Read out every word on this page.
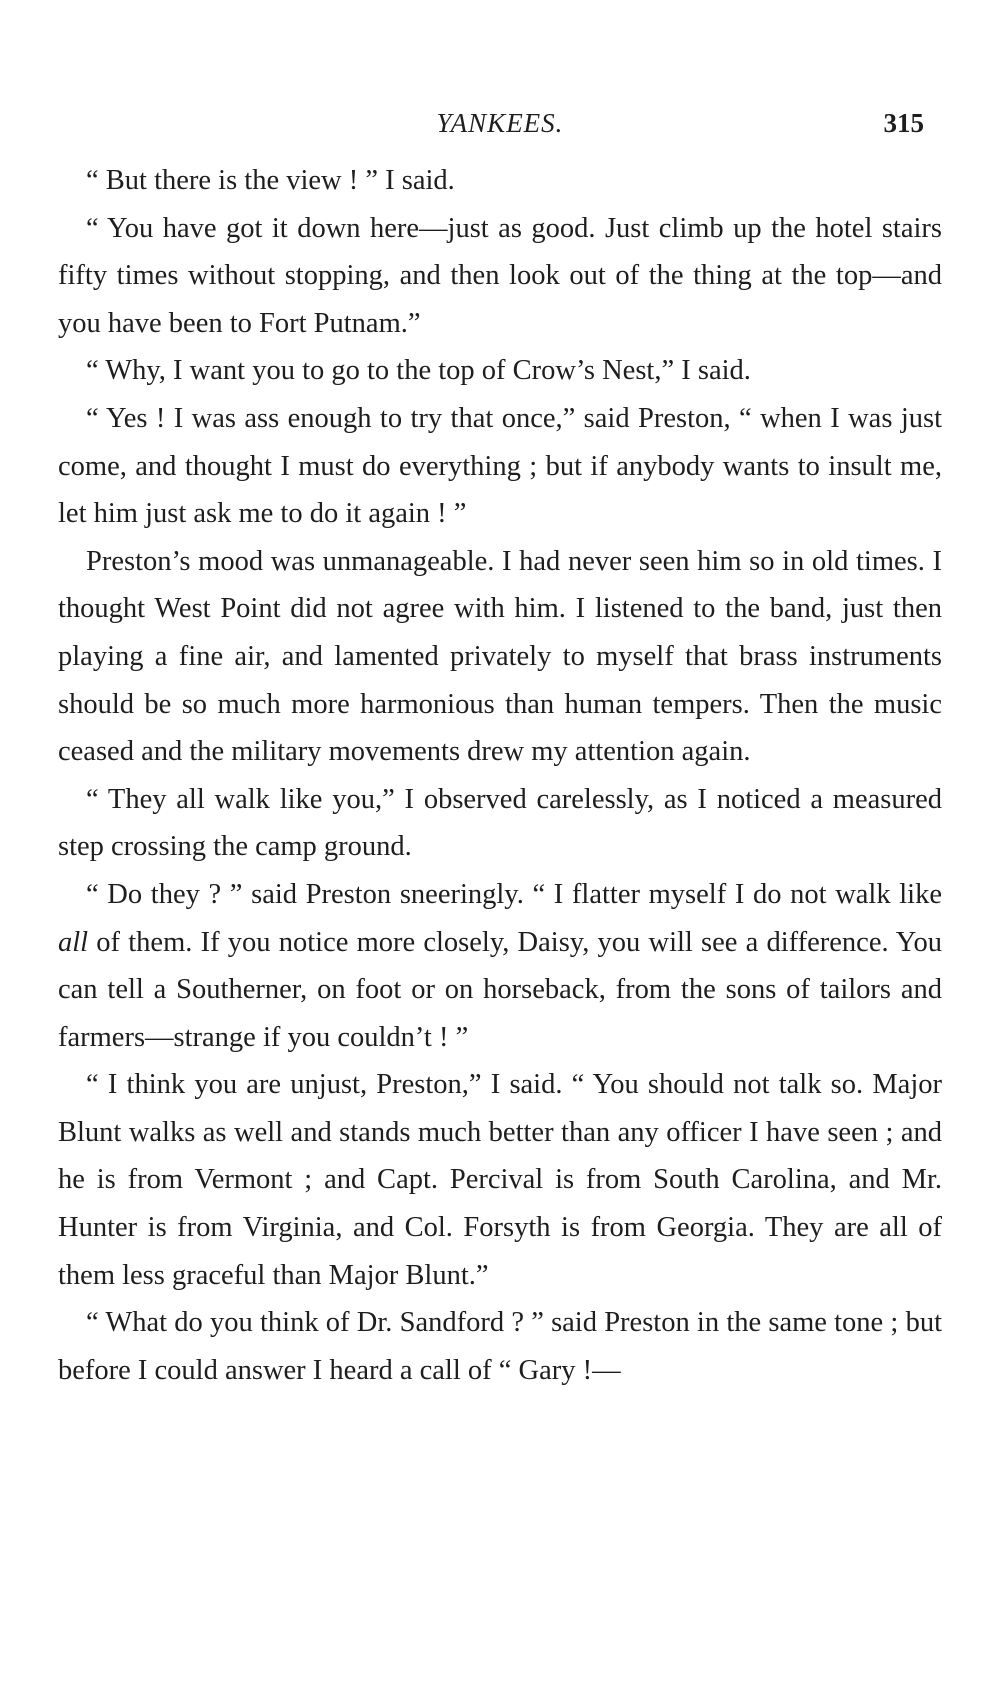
YANKEES.	315

“ But there is the view ! ” I said.

“ You have got it down here—just as good. Just climb up the hotel stairs fifty times without stopping, and then look out of the thing at the top—and you have been to Fort Putnam.”

“ Why, I want you to go to the top of Crow’s Nest,” I said.

“ Yes ! I was ass enough to try that once,” said Preston, “ when I was just come, and thought I must do everything ; but if anybody wants to insult me, let him just ask me to do it again ! ”

Preston’s mood was unmanageable. I had never seen him so in old times. I thought West Point did not agree with him. I listened to the band, just then playing a fine air, and lamented privately to myself that brass instruments should be so much more harmonious than human tempers. Then the music ceased and the military movements drew my attention again.

“ They all walk like you,” I observed carelessly, as I noticed a measured step crossing the camp ground.

“ Do they ? ” said Preston sneeringly. “ I flatter myself I do not walk like all of them. If you notice more closely, Daisy, you will see a difference. You can tell a Southerner, on foot or on horseback, from the sons of tailors and farmers—strange if you couldn’t ! ”

“ I think you are unjust, Preston,” I said. “ You should not talk so. Major Blunt walks as well and stands much better than any officer I have seen ; and he is from Vermont ; and Capt. Percival is from South Carolina, and Mr. Hunter is from Virginia, and Col. Forsyth is from Georgia. They are all of them less graceful than Major Blunt.”

“ What do you think of Dr. Sandford ? ” said Preston in the same tone ; but before I could answer I heard a call of “ Gary !—
